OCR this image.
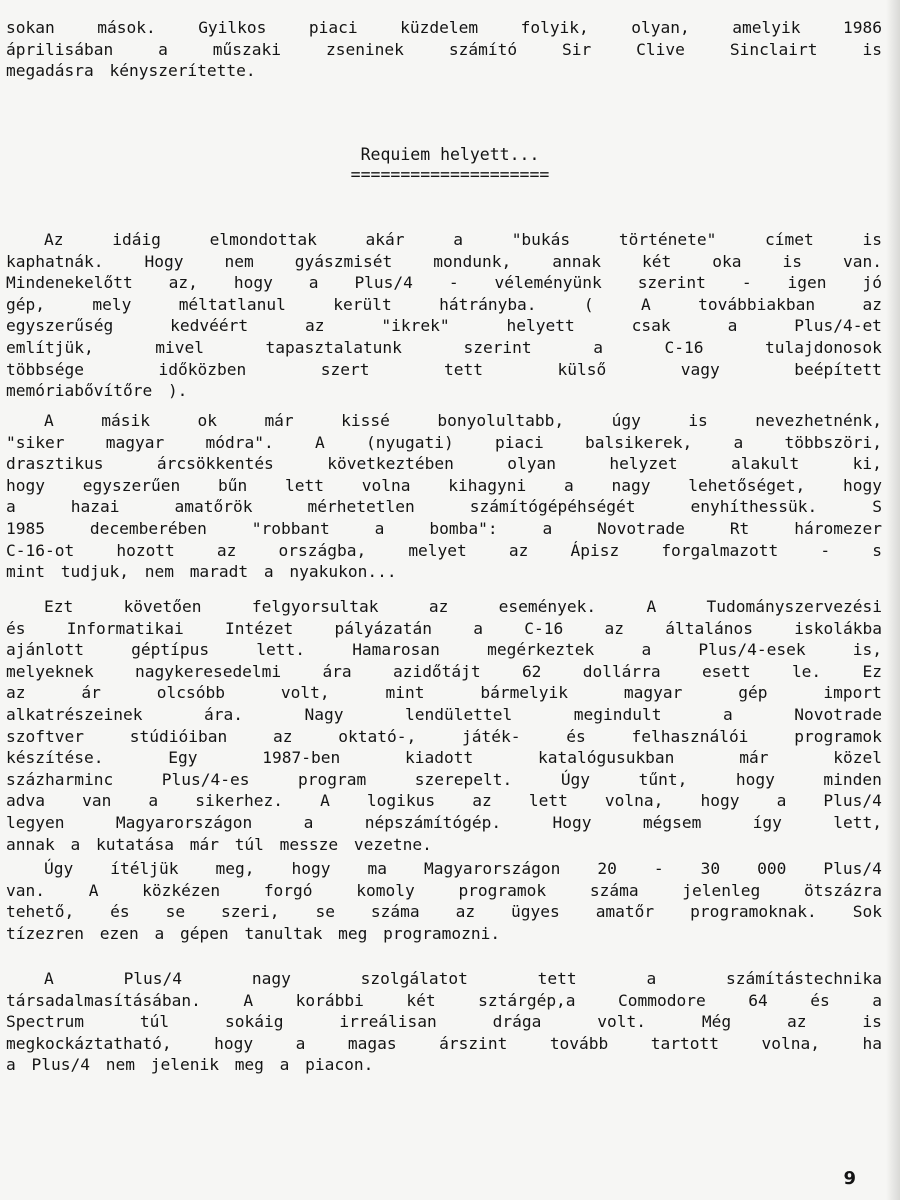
sokan	mások.	Gyilkos	piaci	küzdelem	folyik,	olyan,	amelyik	1986
áprilisában	a	műszaki	zseninek	számító	Sir	Clive	Sinclairt	is
megadásra kényszerítette.
Requiem helyett...
====================
Az	idáig	elmondottak	akár	a	"bukás	története"	címet	is
kaphatnák.	Hogy	nem	gyászmisét	mondunk,	annak	két	oka	is	van.
Mindenekelőtt az, hogy a Plus/4 - véleményünk szerint - igen jó
gép,	mely	méltatlanul	került	hátrányba.	(	A	továbbiakban	az
egyszerűség	kedvéért	az	"ikrek"	helyett	csak	a	Plus/4-et
említjük,	mivel	tapasztalatunk	szerint	a	C-16	tulajdonosok
többsége	időközben	szert	tett	külső	vagy	beépített
memóriabővítőre ).
A	másik	ok	már	kissé	bonyolultabb,	úgy	is	nevezhetnénk,
"siker	magyar	módra".	A	(nyugati)	piaci	balsikerek,	a	többszöri,
drasztikus	árcsökkentés	következtében	olyan	helyzet	alakult	ki,
hogy egyszerűen bűn lett volna kihagyni a nagy lehetőséget, hogy
a	hazai	amatőrök	mérhetetlen	számítógépéhségét	enyhíthessük.	S
1985	decemberében	"robbant	a	bomba":	a	Novotrade	Rt	háromezer
C-16-ot	hozott	az	országba,	melyet	az	Ápisz	forgalmazott	-	s
mint tudjuk, nem maradt a nyakukon...
Ezt	követően	felgyorsultak	az	események.	A	Tudományszervezési
és	Informatikai	Intézet	pályázatán	a	C-16	az	általános	iskolákba
ajánlott	géptípus	lett.	Hamarosan	megérkeztek	a	Plus/4-esek	is,
melyeknek	nagykeresedelmi	ára	azidőtájt	62	dollárra	esett	le.	Ez
az	ár	olcsóbb	volt,	mint	bármelyik	magyar	gép	import
alkatrészeinek	ára.	Nagy	lendülettel	megindult	a	Novotrade
szoftver	stúdióiban	az	oktató-,	játék-	és	felhasználói	programok
készítése.	Egy	1987-ben	kiadott	katalógusukban	már	közel
százharminc	Plus/4-es	program	szerepelt.	Úgy	tűnt,	hogy	minden
adva van a sikerhez. A logikus az lett volna, hogy a Plus/4
legyen	Magyarországon	a	népszámítógép.	Hogy	mégsem	így	lett,
annak a kutatása már túl messze vezetne.
Úgy ítéljük meg, hogy ma Magyarországon 20 - 30 000 Plus/4
van.	A	közkézen	forgó	komoly	programok	száma	jelenleg	ötszázra
tehető, és se szeri, se száma az ügyes amatőr programoknak. Sok
tízezren ezen a gépen tanultak meg programozni.
A	Plus/4	nagy	szolgálatot	tett	a	számítástechnika
társadalmasításában.	A	korábbi	két	sztárgép,a	Commodore	64	és	a
Spectrum	túl	sokáig	irreálisan	drága	volt.	Még	az	is
megkockáztatható,	hogy	a	magas	árszint	tovább	tartott	volna,	ha
a Plus/4 nem jelenik meg a piacon.
9
